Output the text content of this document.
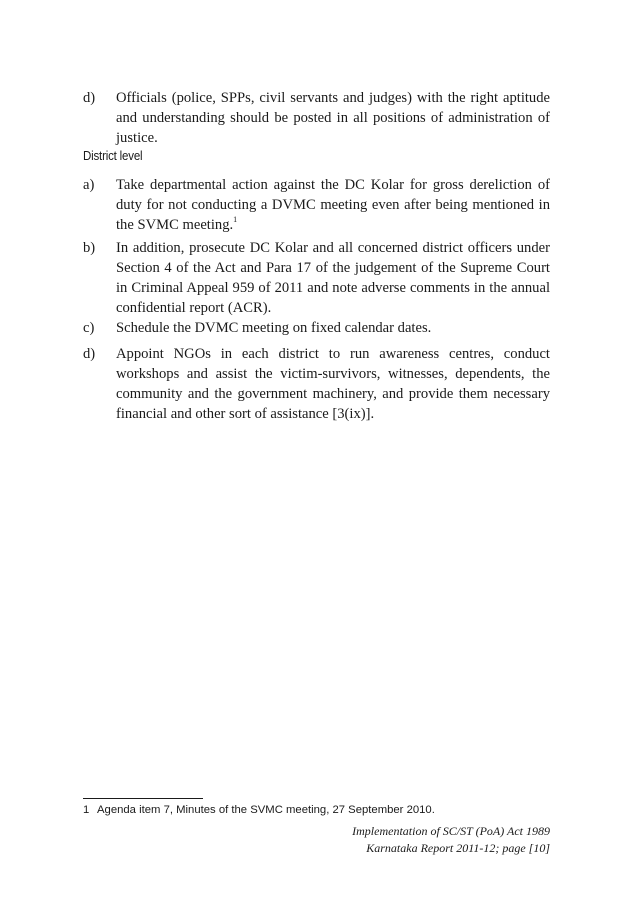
d)	Officials (police, SPPs, civil servants and judges) with the right aptitude and understanding should be posted in all positions of administration of justice.
District level
a)	Take departmental action against the DC Kolar for gross dereliction of duty for not conducting a DVMC meeting even after being mentioned in the SVMC meeting.$^1$
b)	In addition, prosecute DC Kolar and all concerned district officers under Section 4 of the Act and Para 17 of the judgement of the Supreme Court in Criminal Appeal 959 of 2011 and note adverse comments in the annual confidential report (ACR).
c)	Schedule the DVMC meeting on fixed calendar dates.
d)	Appoint NGOs in each district to run awareness centres, conduct workshops and assist the victim-survivors, witnesses, dependents, the community and the government machinery, and provide them necessary financial and other sort of assistance [3(ix)].
1 Agenda item 7, Minutes of the SVMC meeting, 27 September 2010.
Implementation of SC/ST (PoA) Act 1989
Karnataka Report 2011-12; page [10]
